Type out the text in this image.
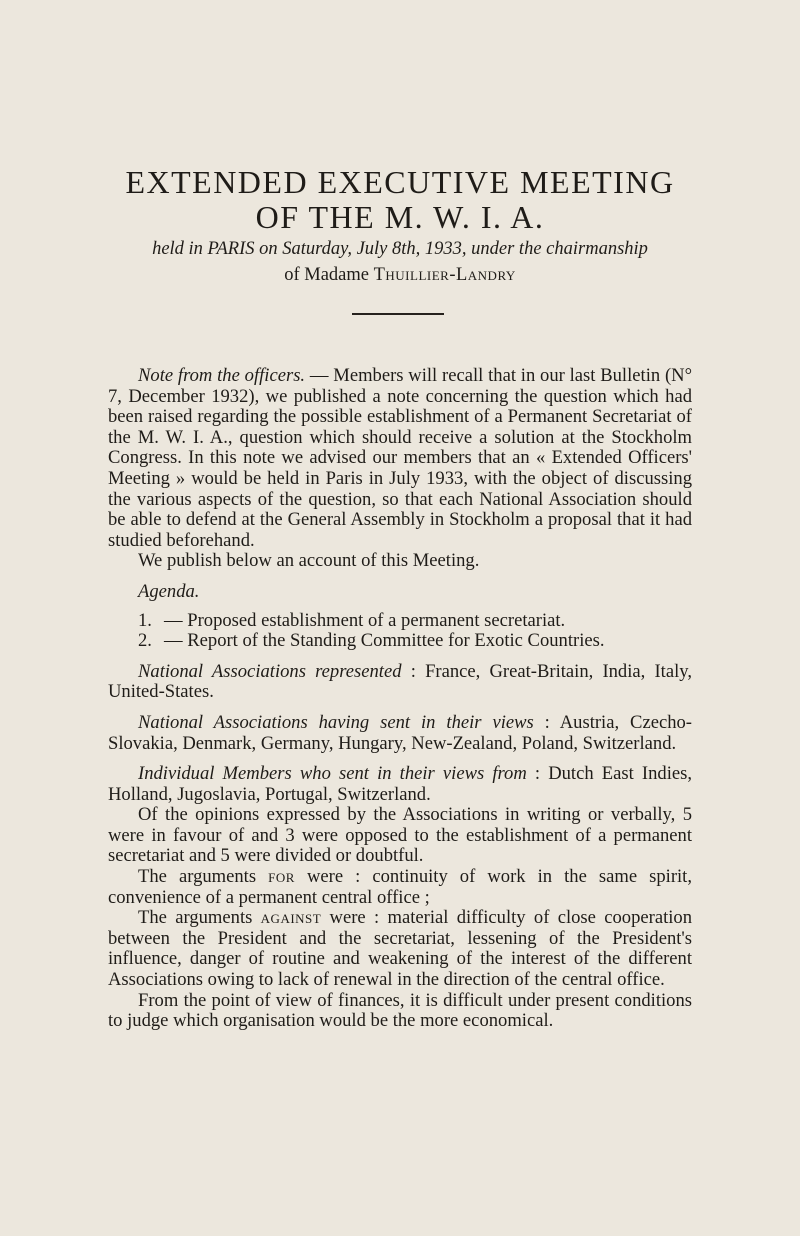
EXTENDED EXECUTIVE MEETING
OF THE M. W. I. A.
held in PARIS on Saturday, July 8th, 1933, under the chairmanship
of Madame Thuillier-Landry

Note from the officers. — Members will recall that in our last Bulletin (N° 7, December 1932), we published a note concerning the question which had been raised regarding the possible establishment of a Permanent Secretariat of the M. W. I. A., question which should receive a solution at the Stockholm Congress. In this note we advised our members that an « Extended Officers' Meeting » would be held in Paris in July 1933, with the object of discussing the various aspects of the question, so that each National Association should be able to defend at the General Assembly in Stockholm a proposal that it had studied beforehand.

We publish below an account of this Meeting.

Agenda.

1. — Proposed establishment of a permanent secretariat.
2. — Report of the Standing Committee for Exotic Countries.

National Associations represented : France, Great-Britain, India, Italy, United-States.

National Associations having sent in their views : Austria, Czecho-Slovakia, Denmark, Germany, Hungary, New-Zealand, Poland, Switzerland.

Individual Members who sent in their views from : Dutch East Indies, Holland, Jugoslavia, Portugal, Switzerland.

Of the opinions expressed by the Associations in writing or verbally, 5 were in favour of and 3 were opposed to the establishment of a permanent secretariat and 5 were divided or doubtful.

The arguments for were : continuity of work in the same spirit, convenience of a permanent central office ;

The arguments against were : material difficulty of close cooperation between the President and the secretariat, lessening of the President's influence, danger of routine and weakening of the interest of the different Associations owing to lack of renewal in the direction of the central office.

From the point of view of finances, it is difficult under present conditions to judge which organisation would be the more economical.
